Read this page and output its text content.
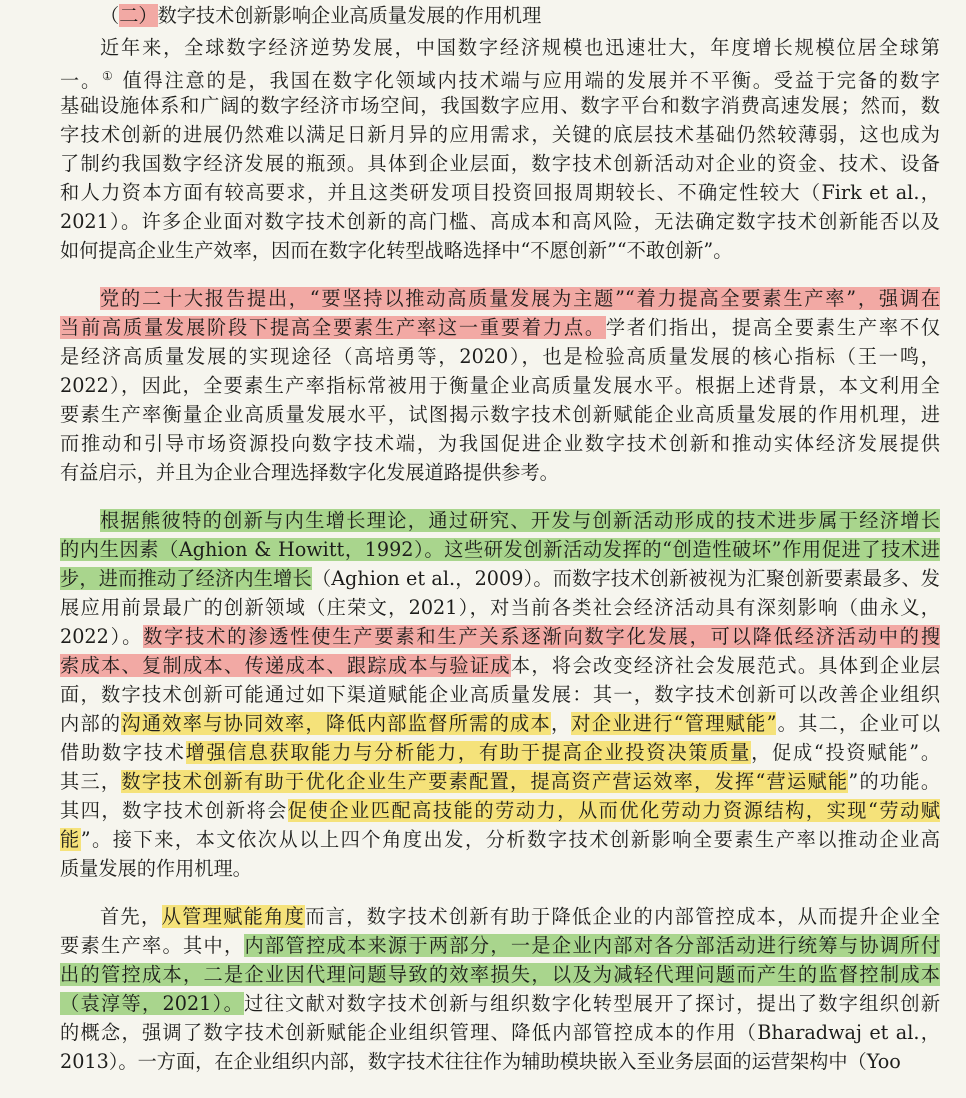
（二）数字技术创新影响企业高质量发展的作用机理
近年来，全球数字经济逆势发展，中国数字经济规模也迅速壮大，年度增长规模位居全球第
一。① 值得注意的是，我国在数字化领域内技术端与应用端的发展并不平衡。受益于完备的数字
基础设施体系和广阔的数字经济市场空间，我国数字应用、数字平台和数字消费高速发展；然而，数
字技术创新的进展仍然难以满足日新月异的应用需求，关键的底层技术基础仍然较薄弱，这也成为
了制约我国数字经济发展的瓶颈。具体到企业层面，数字技术创新活动对企业的资金、技术、设备
和人力资本方面有较高要求，并且这类研发项目投资回报周期较长、不确定性较大（Firk et al.，
2021）。许多企业面对数字技术创新的高门槛、高成本和高风险，无法确定数字技术创新能否以及
如何提高企业生产效率，因而在数字化转型战略选择中“不愿创新”“不敢创新”。
党的二十大报告提出，“要坚持以推动高质量发展为主题”“着力提高全要素生产率”，强调在
当前高质量发展阶段下提高全要素生产率这一重要着力点。学者们指出，提高全要素生产率不仅
是经济高质量发展的实现途径（高培勇等，2020），也是检验高质量发展的核心指标（王一鸣，
2022），因此，全要素生产率指标常被用于衡量企业高质量发展水平。根据上述背景，本文利用全
要素生产率衡量企业高质量发展水平，试图揭示数字技术创新赋能企业高质量发展的作用机理，进
而推动和引导市场资源投向数字技术端，为我国促进企业数字技术创新和推动实体经济发展提供
有益启示，并且为企业合理选择数字化发展道路提供参考。
根据熊彼特的创新与内生增长理论，通过研究、开发与创新活动形成的技术进步属于经济增长
的内生因素（Aghion & Howitt，1992）。这些研发创新活动发挥的“创造性破坏”作用促进了技术进
步，进而推动了经济内生增长（Aghion et al.，2009）。而数字技术创新被视为汇聚创新要素最多、发
展应用前景最广的创新领域（庄荣文，2021），对当前各类社会经济活动具有深刻影响（曲永义，
2022）。数字技术的渗透性使生产要素和生产关系逐渐向数字化发展，可以降低经济活动中的搜
索成本、复制成本、传递成本、跟踪成本与验证成本，将会改变经济社会发展范式。具体到企业层
面，数字技术创新可能通过如下渠道赋能企业高质量发展：其一，数字技术创新可以改善企业组织
内部的沟通效率与协同效率，降低内部监督所需的成本，对企业进行“管理赋能”。其二，企业可以
借助数字技术增强信息获取能力与分析能力，有助于提高企业投资决策质量，促成“投资赋能”。
其三，数字技术创新有助于优化企业生产要素配置，提高资产营运效率，发挥“营运赋能”的功能。
其四，数字技术创新将会促使企业匹配高技能的劳动力，从而优化劳动力资源结构，实现“劳动赋
能”。接下来，本文依次从以上四个角度出发，分析数字技术创新影响全要素生产率以推动企业高
质量发展的作用机理。
首先，从管理赋能角度而言，数字技术创新有助于降低企业的内部管控成本，从而提升企业全
要素生产率。其中，内部管控成本来源于两部分，一是企业内部对各分部活动进行统筹与协调所付
出的管控成本，二是企业因代理问题导致的效率损失，以及为减轻代理问题而产生的监督控制成本
（袁淳等，2021）。过往文献对数字技术创新与组织数字化转型展开了探讨，提出了数字组织创新
的概念，强调了数字技术创新赋能企业组织管理、降低内部管控成本的作用（Bharadwaj et al.，
2013）。一方面，在企业组织内部，数字技术往往作为辅助模块嵌入至业务层面的运营架构中（Yoo
